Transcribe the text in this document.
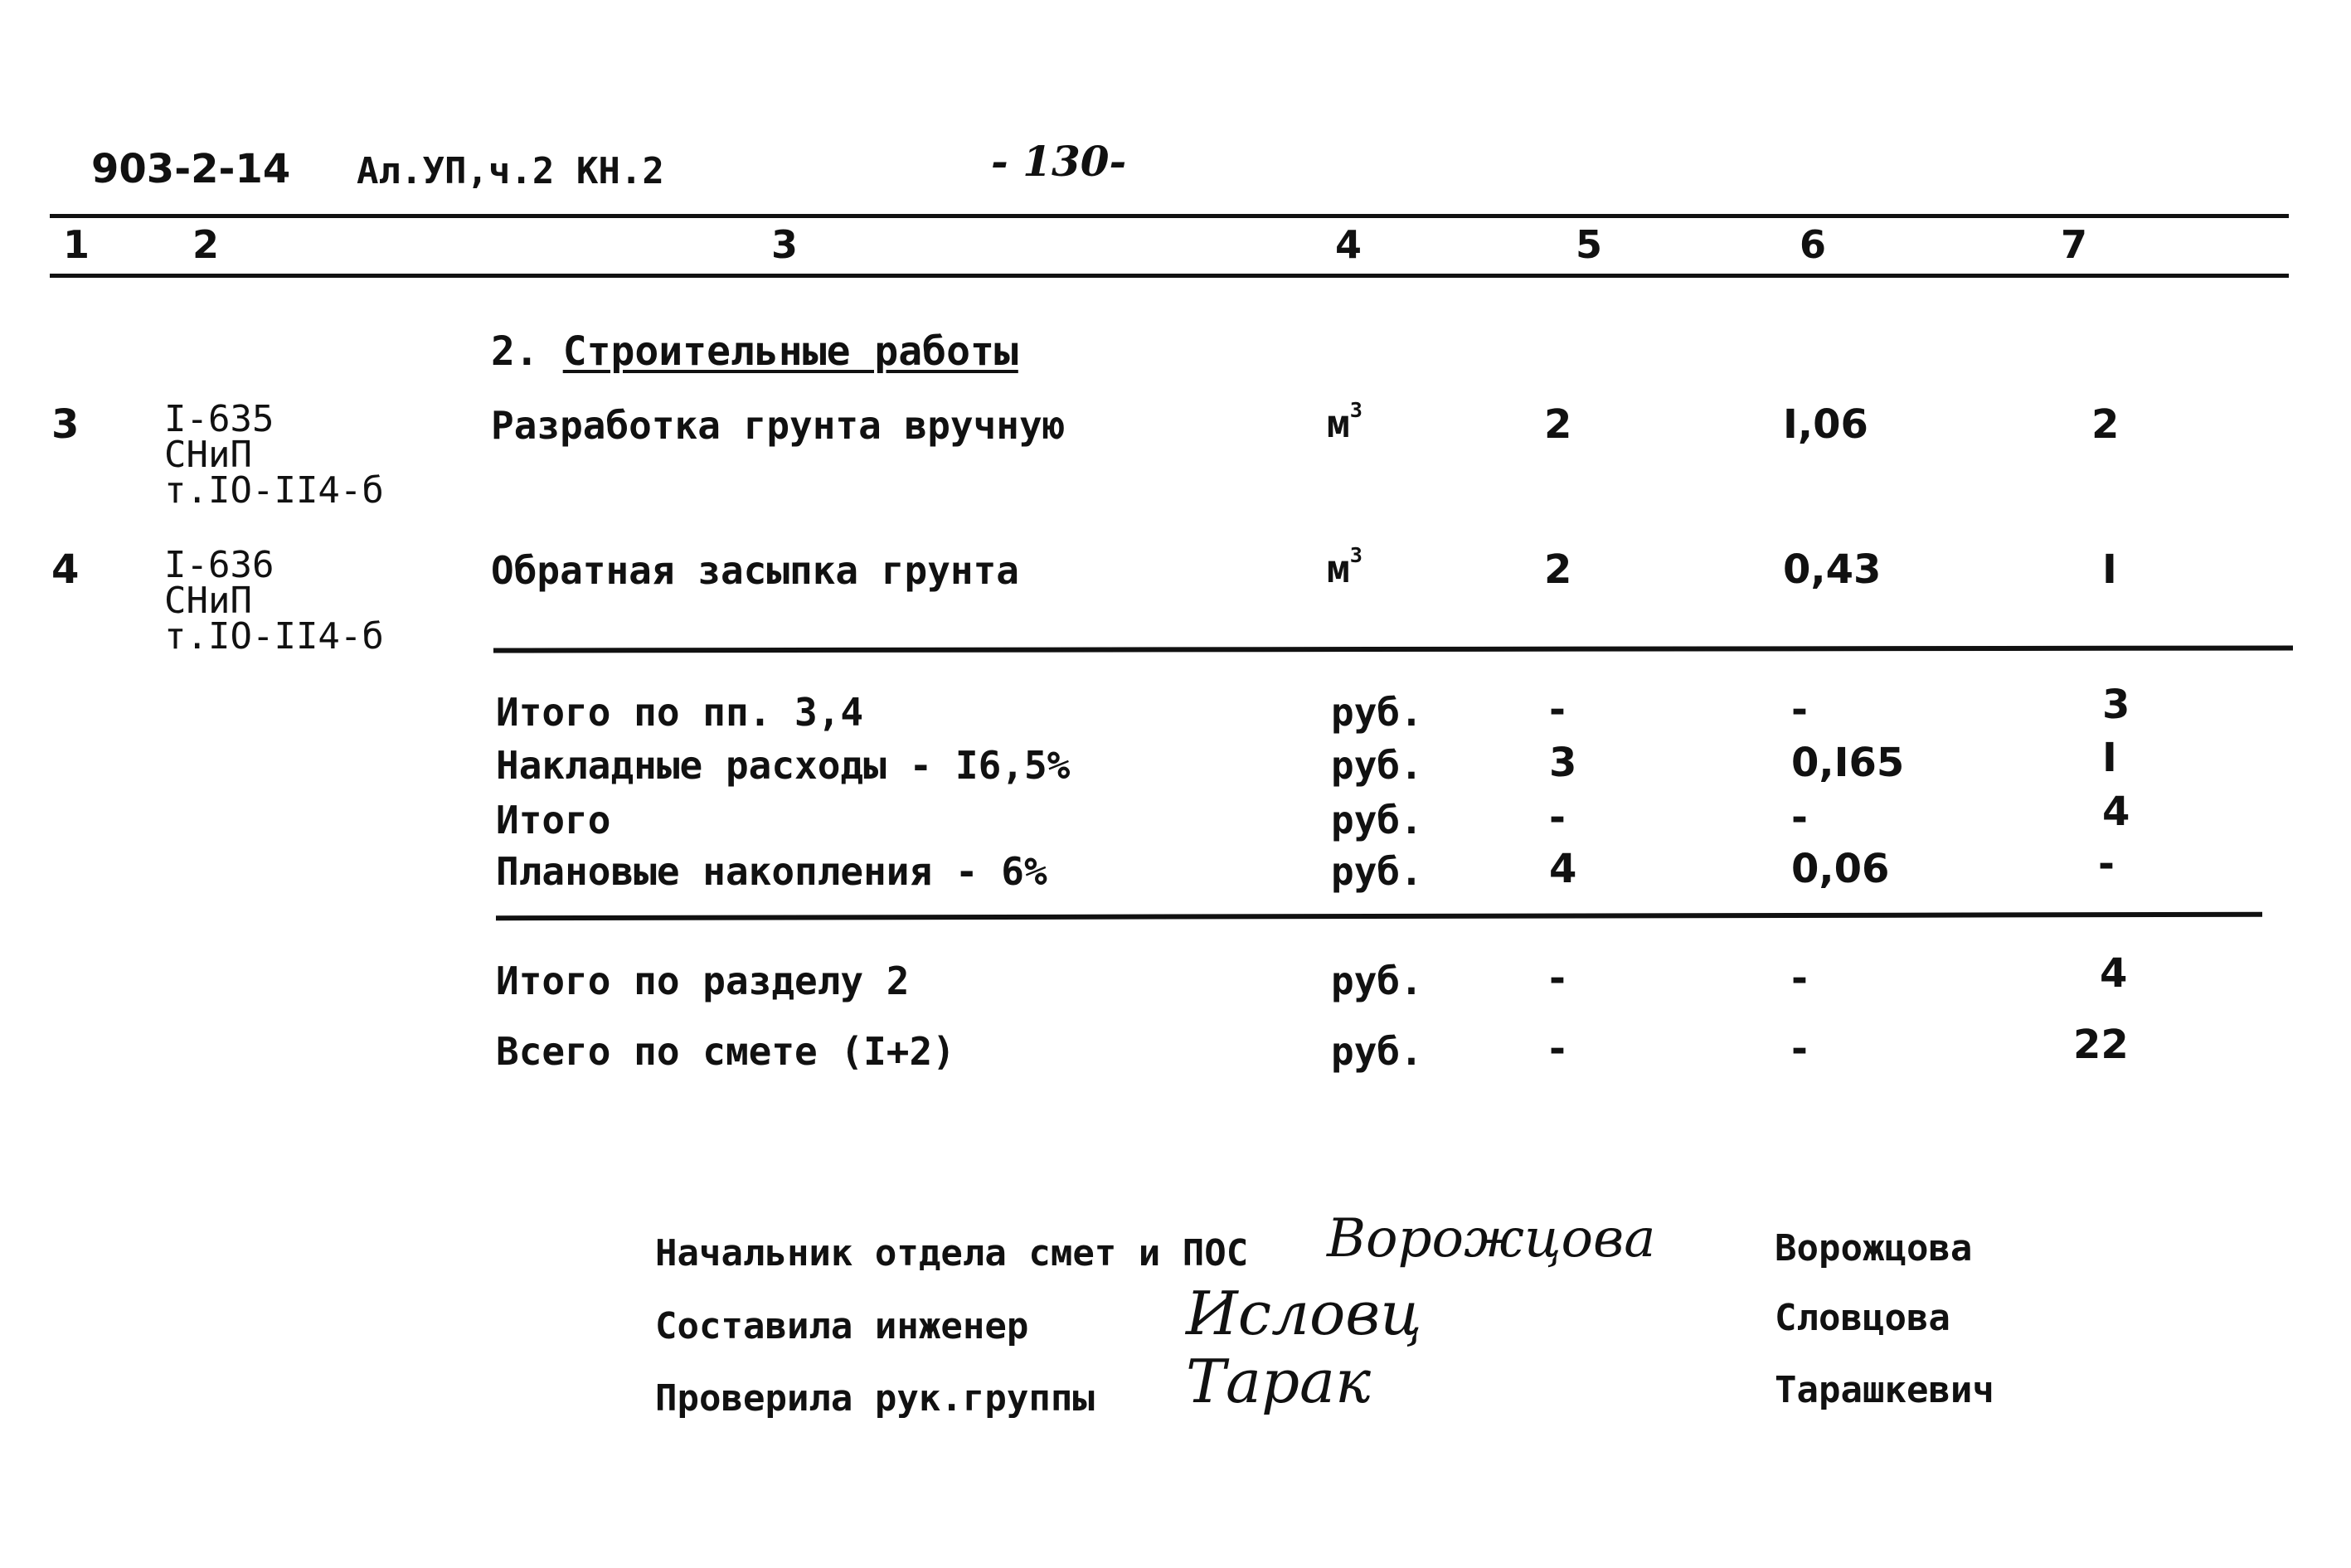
903-2-14 Ал.УП,ч.2 КН.2	- 130-
1	2	3	4	5	6	7
2. Строительные работы
3 I-635
СНиП
т.IO-II4-б
Разработка грунта вручную	$м^3$	2	I,06	2
4 I-636
СНиП
т.IO-II4-б
Обратная засыпка грунта	$м^3$	2	0,43	I
Итого по пп. 3,4	руб.	-	-	3
Накладные расходы - I6,5%	руб.	3	0,I65	I
Итого	руб.	-	-	4
Плановые накопления - 6%	руб.	4	0,06	-
Итого по разделу 2	руб.	-	-	4
Всего по смете (I+2)	руб.	-	-	22
Начальник отдела смет и ПОС Ворожцова	Ворожцова
Составила инженер	Исловц	Словцова
Проверила рук.группы Тарак	Тарашкевич
